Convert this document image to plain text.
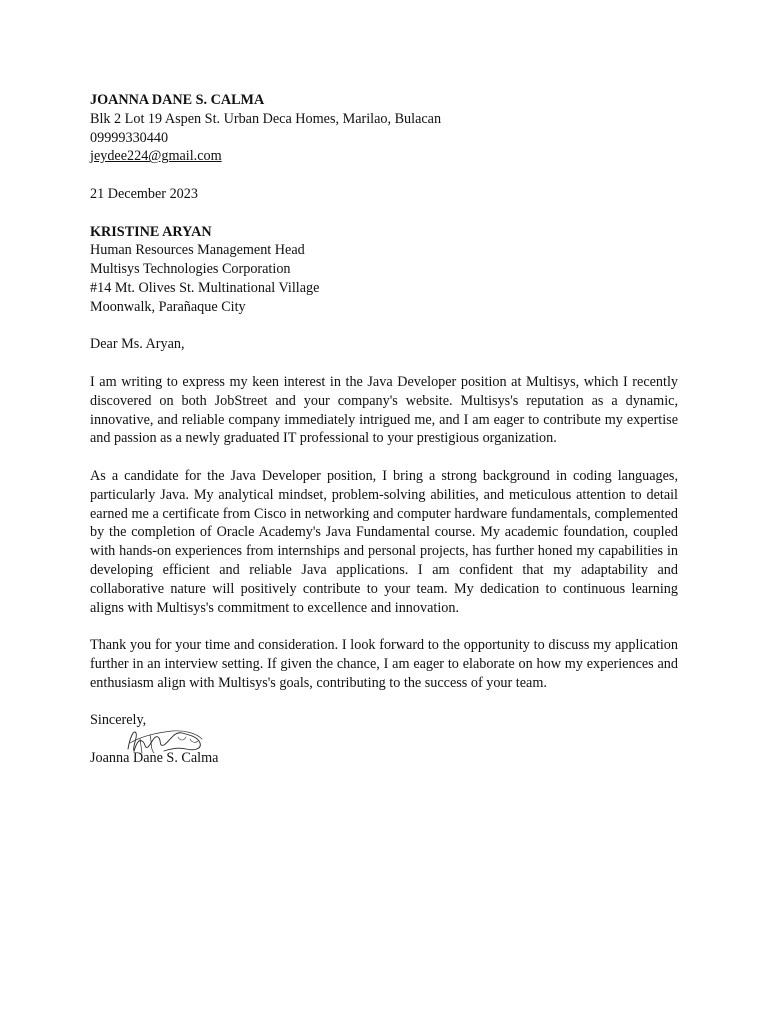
JOANNA DANE S. CALMA
Blk 2 Lot 19 Aspen St. Urban Deca Homes, Marilao, Bulacan
09999330440
jeydee224@gmail.com
21 December 2023
KRISTINE ARYAN
Human Resources Management Head
Multisys Technologies Corporation
#14 Mt. Olives St. Multinational Village
Moonwalk, Parañaque City
Dear Ms. Aryan,

I am writing to express my keen interest in the Java Developer position at Multisys, which I recently discovered on both JobStreet and your company's website. Multisys's reputation as a dynamic, innovative, and reliable company immediately intrigued me, and I am eager to contribute my expertise and passion as a newly graduated IT professional to your prestigious organization.

As a candidate for the Java Developer position, I bring a strong background in coding languages, particularly Java. My analytical mindset, problem-solving abilities, and meticulous attention to detail earned me a certificate from Cisco in networking and computer hardware fundamentals, complemented by the completion of Oracle Academy's Java Fundamental course. My academic foundation, coupled with hands-on experiences from internships and personal projects, has further honed my capabilities in developing efficient and reliable Java applications. I am confident that my adaptability and collaborative nature will positively contribute to your team. My dedication to continuous learning aligns with Multisys's commitment to excellence and innovation.

Thank you for your time and consideration. I look forward to the opportunity to discuss my application further in an interview setting. If given the chance, I am eager to elaborate on how my experiences and enthusiasm align with Multisys's goals, contributing to the success of your team.

Sincerely,
Joanna Dane S. Calma
